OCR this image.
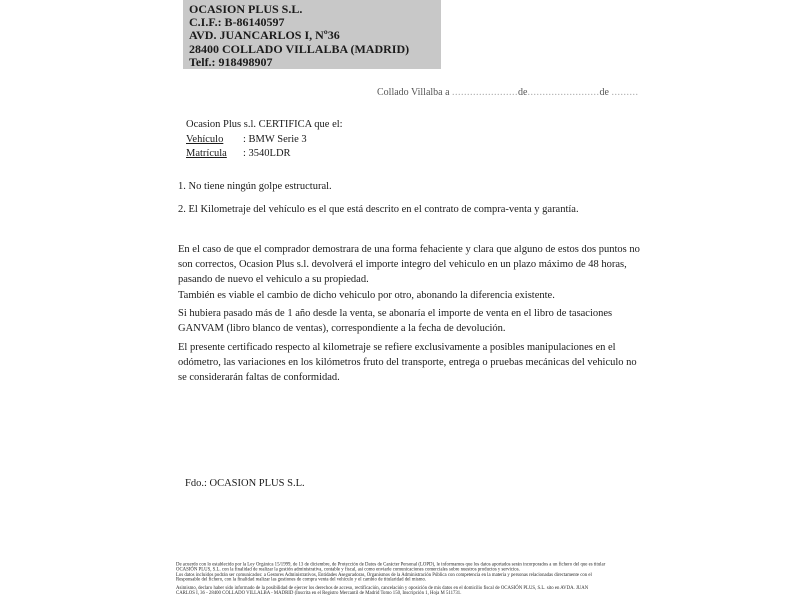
OCASION PLUS S.L.
C.I.F.: B-86140597
AVD. JUANCARLOS I, Nº36
28400 COLLADO VILLALBA (MADRID)
Telf.: 918498907
Collado Villalba a ......................de........................de .........
Ocasion Plus s.l. CERTIFICA que el:
Vehículo : BMW Serie 3
Matrícula : 3540LDR
1. No tiene ningún golpe estructural.
2. El Kilometraje del vehículo es el que está descrito en el contrato de compra-venta y garantía.
En el caso de que el comprador demostrara de una forma fehaciente y clara que alguno de estos dos puntos no
son correctos, Ocasion Plus s.l. devolverá el importe integro del vehiculo en un plazo máximo de 48 horas,
pasando de nuevo el vehiculo a su propiedad.
También es viable el cambio de dicho vehiculo por otro, abonando la diferencia existente.
Si hubiera pasado más de 1 año desde la venta, se abonaría el importe de venta en el libro de tasaciones
GANVAM (libro blanco de ventas), correspondiente a la fecha de devolución.
El presente certificado respecto al kilometraje se refiere exclusivamente a posibles manipulaciones en el
odómetro, las variaciones en los kilómetros fruto del transporte, entrega o pruebas mecánicas del vehiculo no
se considerarán faltas de conformidad.
Fdo.: OCASION PLUS S.L.
De acuerdo con lo establecido por la Ley Orgánica 15/1999, de 13 de diciembre, de Protección de Datos de Carácter Personal (LOPD), le informamos que los datos aportados serán incorporados a un fichero del que es titular
OCASIÓN PLUS, S.L. con la finalidad de realizar la gestión administrativa, contable y fiscal, así como enviarle comunicaciones comerciales sobre nuestros productos y servicios.
Los datos incluidos podrán ser comunicados: a Gestores Administrativos, Entidades Aseguradoras, Organismos de la Administración Pública con competencia en la materia y personas relacionadas directamente con el
Responsable del fichero, con la finalidad realizar las gestiones de compra venta del vehículo y el cambio de titularidad del mismo.
Asimismo, declaro haber sido informado de la posibilidad de ejercer los derechos de acceso, rectificación, cancelación y oposición de mis datos en el domicilio fiscal de OCASIÓN PLUS, S.L. sito en AVDA. JUAN
CARLOS I, 36 - 28400 COLLADO VILLALBA - MADRID (Inscrita en el Registro Mercantil de Madrid Tomo 150, Inscripción 1, Hoja M 511731.
